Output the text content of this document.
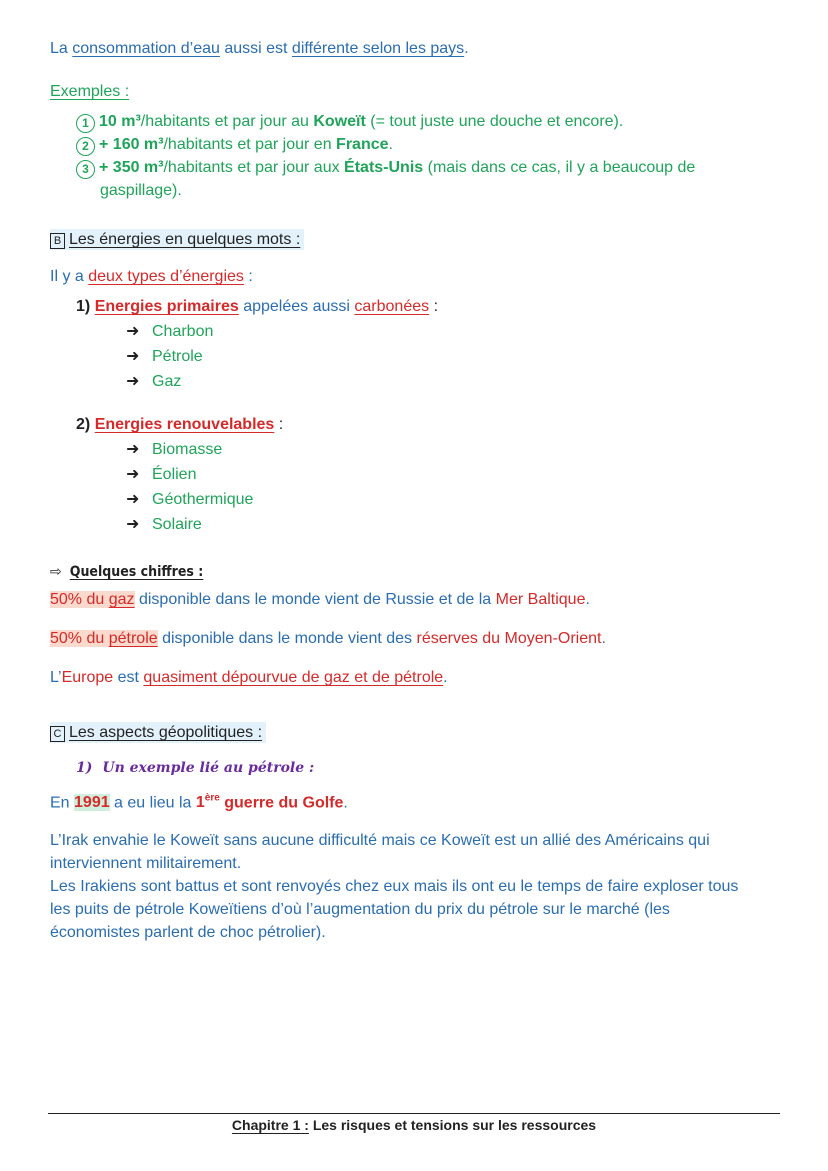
La consommation d’eau aussi est différente selon les pays.
Exemples :
1 10 m³/habitants et par jour au Koweït (= tout juste une douche et encore).
2 + 160 m³/habitants et par jour en France.
3 + 350 m³/habitants et par jour aux États-Unis (mais dans ce cas, il y a beaucoup de
gaspillage).
B Les énergies en quelques mots :
Il y a deux types d’énergies :
1) Energies primaires appelées aussi carbonées :
➜ Charbon
➜ Pétrole
➜ Gaz
2) Energies renouvelables :
➜ Biomasse
➜ Éolien
➜ Géothermique
➜ Solaire
⇨ Quelques chiffres :
50% du gaz disponible dans le monde vient de Russie et de la Mer Baltique.
50% du pétrole disponible dans le monde vient des réserves du Moyen-Orient.
L’Europe est quasiment dépourvue de gaz et de pétrole.
C Les aspects géopolitiques :
1) Un exemple lié au pétrole :
En 1991 a eu lieu la 1ère guerre du Golfe.
L’Irak envahie le Koweït sans aucune difficulté mais ce Koweït est un allié des Américains qui
interviennent militairement.
Les Irakiens sont battus et sont renvoyés chez eux mais ils ont eu le temps de faire exploser tous
les puits de pétrole Koweïtiens d’où l’augmentation du prix du pétrole sur le marché (les
économistes parlent de choc pétrolier).
Chapitre 1 : Les risques et tensions sur les ressources
